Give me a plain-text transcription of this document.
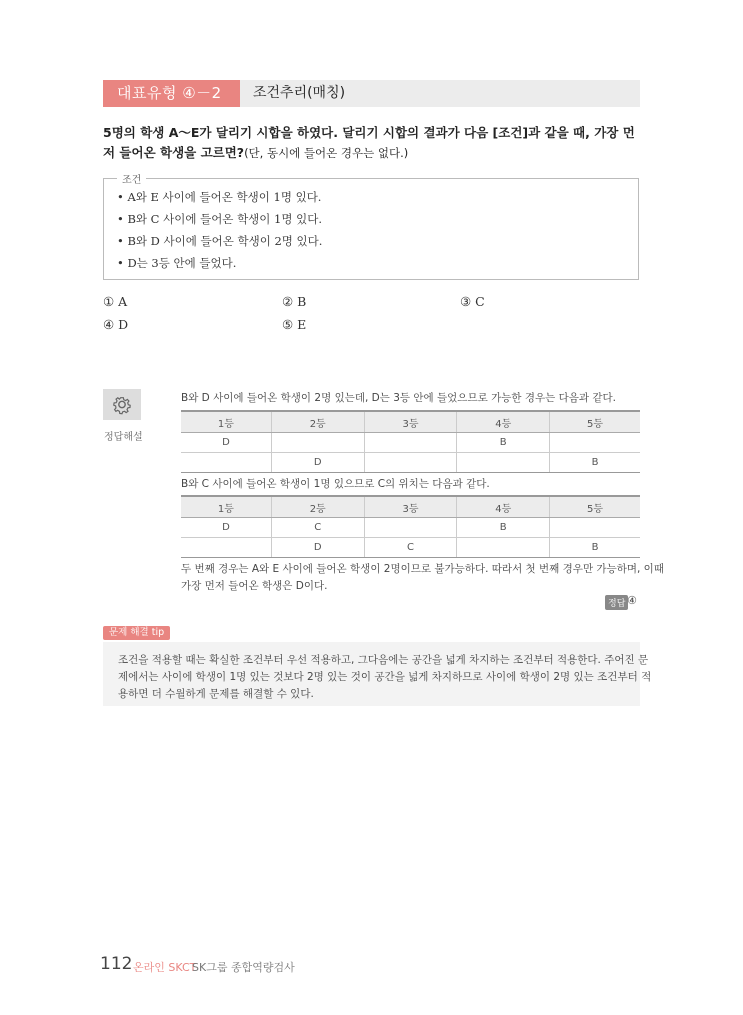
대표유형 ④－2	조건추리(매칭)
5명의 학생 A～E가 달리기 시합을 하였다. 달리기 시합의 결과가 다음 [조건]과 같을 때, 가장 먼저 들어온 학생을 고르면?(단, 동시에 들어온 경우는 없다.)
조건
• A와 E 사이에 들어온 학생이 1명 있다.
• B와 C 사이에 들어온 학생이 1명 있다.
• B와 D 사이에 들어온 학생이 2명 있다.
• D는 3등 안에 들었다.
① A	② B	③ C
④ D	⑤ E
정답해설
B와 D 사이에 들어온 학생이 2명 있는데, D는 3등 안에 들었으므로 가능한 경우는 다음과 같다.
1등	2등	3등	4등	5등
D			B	
	D			B
B와 C 사이에 들어온 학생이 1명 있으므로 C의 위치는 다음과 같다.
1등	2등	3등	4등	5등
D	C		B	
	D	C		B
두 번째 경우는 A와 E 사이에 들어온 학생이 2명이므로 불가능하다. 따라서 첫 번째 경우만 가능하며, 이때
가장 먼저 들어온 학생은 D이다.
정답 ④
문제 해결 tip
조건을 적용할 때는 확실한 조건부터 우선 적용하고, 그다음에는 공간을 넓게 차지하는 조건부터 적용한다. 주어진 문
제에서는 사이에 학생이 1명 있는 것보다 2명 있는 것이 공간을 넓게 차지하므로 사이에 학생이 2명 있는 조건부터 적
용하면 더 수월하게 문제를 해결할 수 있다.
112 온라인 SKCT
SK그룹 종합역량검사
